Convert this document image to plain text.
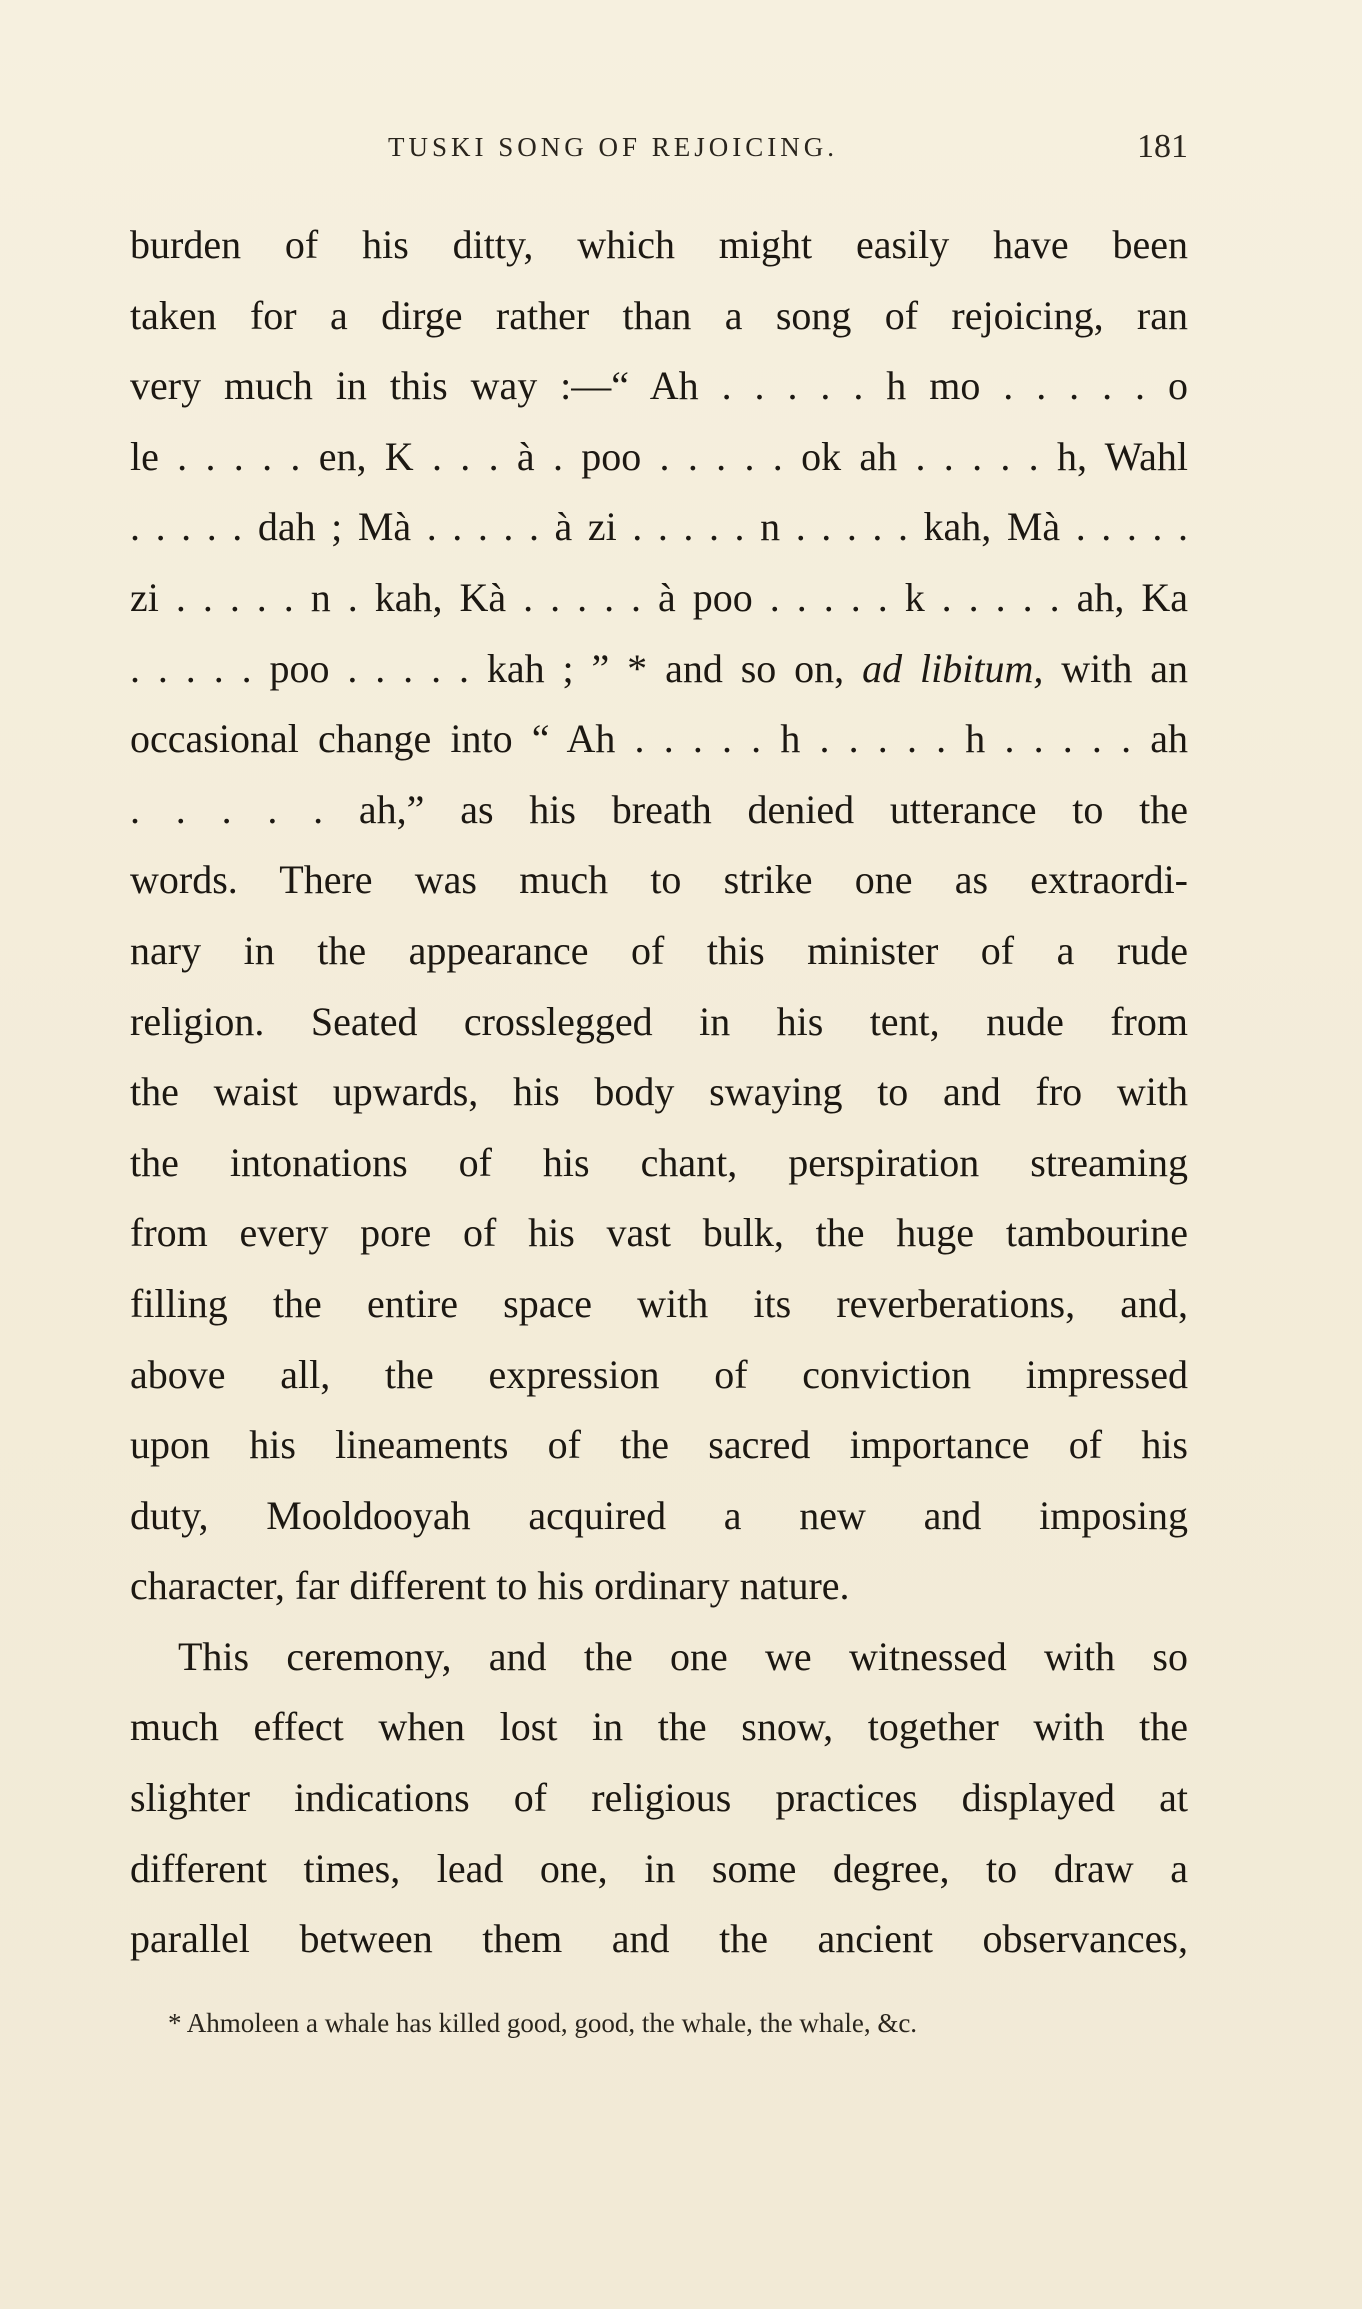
TUSKI SONG OF REJOICING.	181
burden of his ditty, which might easily have been
taken for a dirge rather than a song of rejoicing, ran
very much in this way :—“ Ah . . . . . h mo . . . . . o
le . . . . . en, K . . . à . poo . . . . . ok ah . . . . . h, Wahl
. . . . . dah ; Mà . . . . . à zi . . . . . n . . . . . kah, Mà . . . . .
zi . . . . . n . kah, Kà . . . . . à poo . . . . . k . . . . . ah, Ka
. . . . . poo . . . . . kah ; ” * and so on, ad libitum, with an
occasional change into “ Ah . . . . . h . . . . . h . . . . . ah
. . . . . ah,” as his breath denied utterance to the
words. There was much to strike one as extraordi-
nary in the appearance of this minister of a rude
religion. Seated crosslegged in his tent, nude from
the waist upwards, his body swaying to and fro with
the intonations of his chant, perspiration streaming
from every pore of his vast bulk, the huge tambourine
filling the entire space with its reverberations, and,
above all, the expression of conviction impressed
upon his lineaments of the sacred importance of his
duty, Mooldooyah acquired a new and imposing
character, far different to his ordinary nature.
This ceremony, and the one we witnessed with so
much effect when lost in the snow, together with the
slighter indications of religious practices displayed at
different times, lead one, in some degree, to draw a
parallel between them and the ancient observances,
* Ahmoleen a whale has killed good, good, the whale, the whale, &c.
